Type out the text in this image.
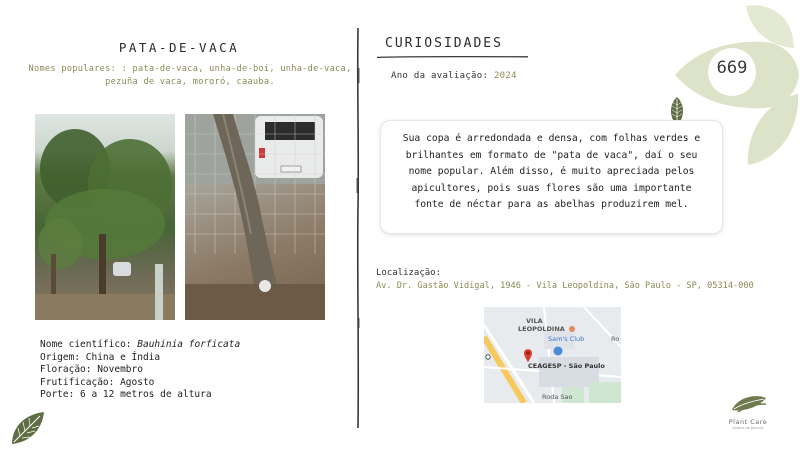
PATA-DE-VACA
Nomes populares: : pata-de-vaca, unha-de-boi, unha-de-vaca, pezuña de vaca, mororó, caauba.
Nome científico: Bauhinia forficata
Origem: China e Índia
Floração: Novembro
Frutificação: Agosto
Porte: 6 a 12 metros de altura
CURIOSIDADES
Ano da avaliação: 2024	669

Sua copa é arredondada e densa, com folhas verdes e brilhantes em formato de "pata de vaca", daí o seu nome popular. Além disso, é muito apreciada pelos apicultores, pois suas flores são uma importante fonte de néctar para as abelhas produzirem mel.

Localização:
Av. Dr. Gastão Vidigal, 1946 - Vila Leopoldina, São Paulo - SP, 05314-000
VILA
LEOPOLDINA
Sam's Club
CEAGESP - São Paulo
Roda Sao
Ro
Plant Care
jardins de pintura
